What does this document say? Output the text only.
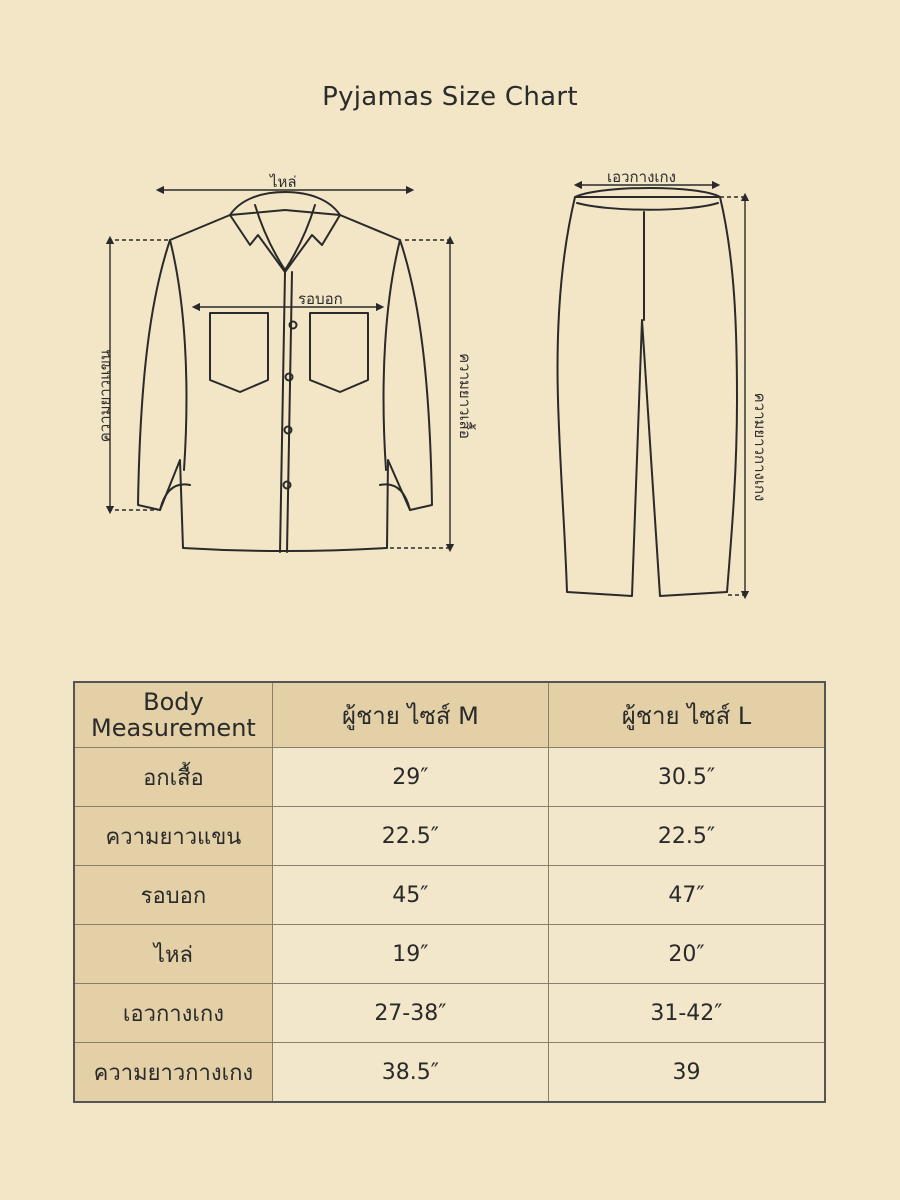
Pyjamas Size Chart
ไหล่
รอบอก
ความยาวแขน	ความยาวเสื้อ
เอวกางเกง
ความยาวกางเกง
Body
Measurement	ผู้ชาย ไซส์ M	ผู้ชาย ไซส์ L
อกเสื้อ	29″	30.5″
ความยาวแขน	22.5″	22.5″
รอบอก	45″	47″
ไหล่	19″	20″
เอวกางเกง	27-38″	31-42″
ความยาวกางเกง	38.5″	39
